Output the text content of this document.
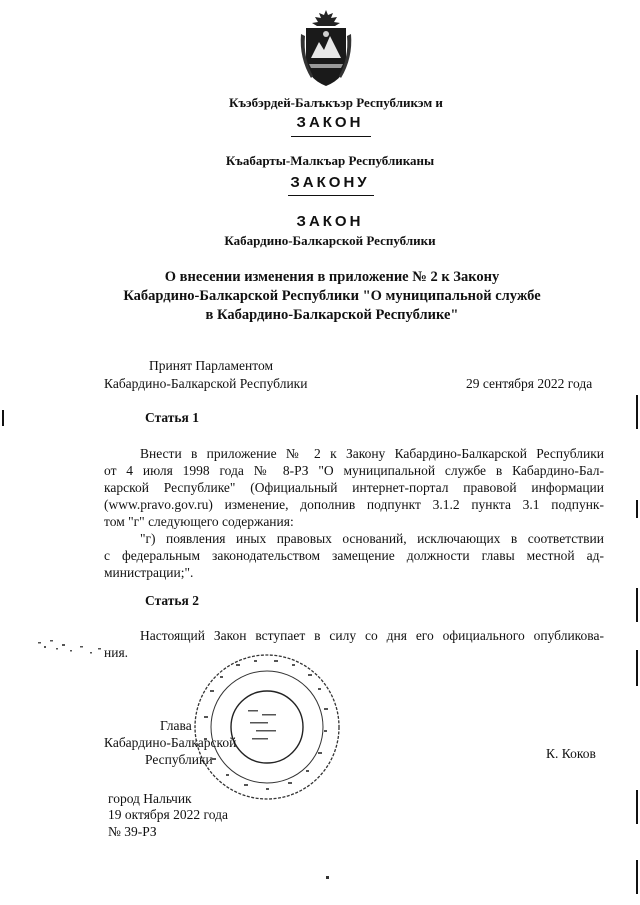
Къэбэрдей-Балъкъэр Республикэм и
ЗАКОН
Къабарты-Малкъар Республиканы
ЗАКОНУ
ЗАКОН
Кабардино-Балкарской Республики
О внесении изменения в приложение № 2 к Закону
Кабардино-Балкарской Республики "О муниципальной службе
в Кабардино-Балкарской Республике"
Принят Парламентом
Кабардино-Балкарской Республики	29 сентября 2022 года
Статья 1
Внести в приложение № 2 к Закону Кабардино-Балкарской Республики
от 4 июля 1998 года № 8-РЗ "О муниципальной службе в Кабардино-Бал-
карской Республике" (Официальный интернет-портал правовой информации
(www.pravo.gov.ru) изменение, дополнив подпункт 3.1.2 пункта 3.1 подпунк-
том "г" следующего содержания:
"г) появления иных правовых оснований, исключающих в соответствии
с федеральным законодательством замещение должности главы местной ад-
министрации;".
Статья 2
Настоящий Закон вступает в силу со дня его официального опубликова-
ния.
Глава
Кабардино-Балкарской
Республики	К. Коков
город Нальчик
19 октября 2022 года
№ 39-РЗ
